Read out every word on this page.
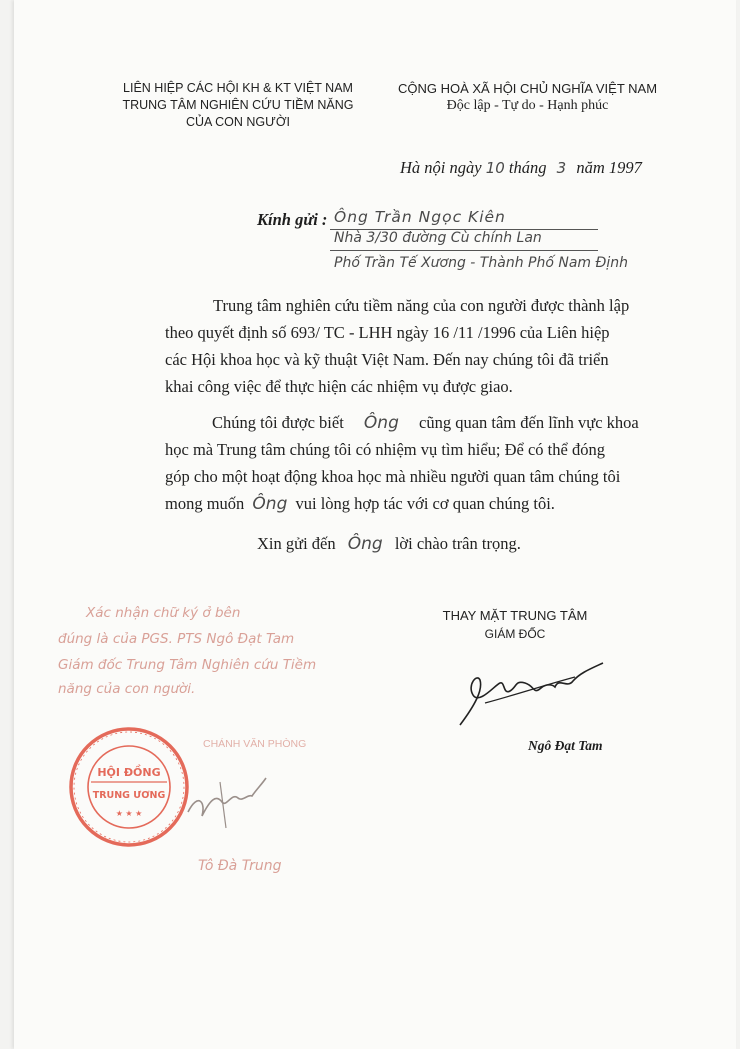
LIÊN HIỆP CÁC HỘI KH & KT VIỆT NAM
TRUNG TÂM NGHIÊN CỨU TIỀM NĂNG
CỦA CON NGƯỜI
CỘNG HOÀ XÃ HỘI CHỦ NGHĨA VIỆT NAM
Độc lập - Tự do - Hạnh phúc
Hà nội ngày 10 tháng 3 năm 1997
Kính gửi : Ông Trần Ngọc Kiên
Nhà 3/30 đường Cù chính Lan
Phố Trần Tế Xương - Thành Phố Nam Định
Trung tâm nghiên cứu tiềm năng của con người được thành lập
theo quyết định số 693/ TC - LHH ngày 16 /11 /1996 của Liên hiệp
các Hội khoa học và kỹ thuật Việt Nam. Đến nay chúng tôi đã triển
khai công việc để thực hiện các nhiệm vụ được giao.
Chúng tôi được biết Ông cũng quan tâm đến lĩnh vực khoa
học mà Trung tâm chúng tôi có nhiệm vụ tìm hiểu; Để có thể đóng
góp cho một hoạt động khoa học mà nhiều người quan tâm chúng tôi
mong muốn Ông vui lòng hợp tác với cơ quan chúng tôi.
Xin gửi đến Ông lời chào trân trọng.
THAY MẶT TRUNG TÂM
GIÁM ĐỐC
Ngô Đạt Tam
Xác nhận chữ ký ở bên
đúng là của PGS. PTS Ngô Đạt Tam
Giám đốc Trung Tâm Nghiên cứu Tiềm
năng của con người.
CHÁNH VĂN PHÒNG
HỘI ĐỒNG
TRUNG ƯƠNG
★ ★ ★
Tô Đà Trung
